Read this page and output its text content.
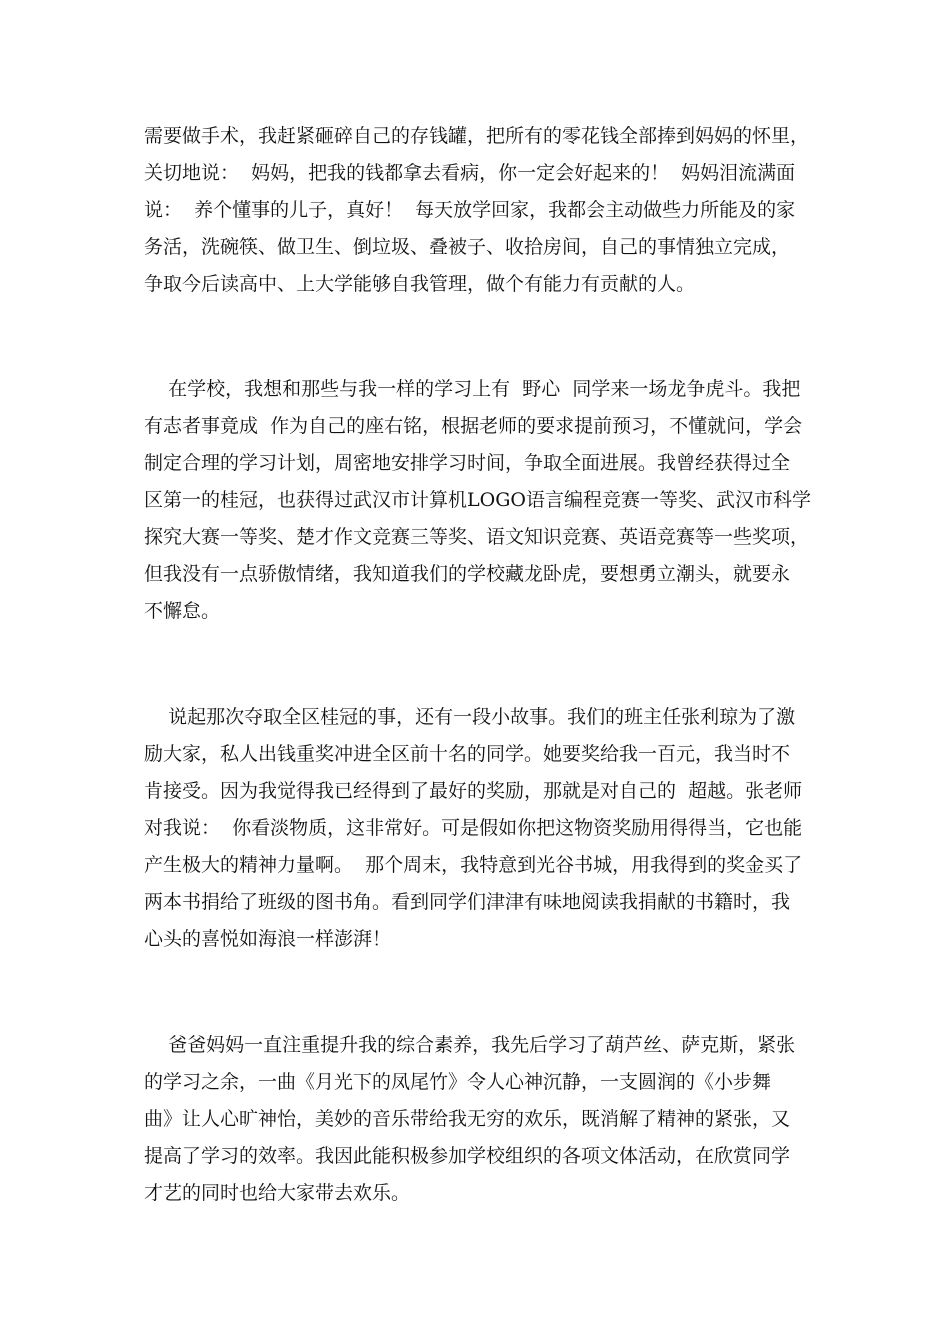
需要做手术，我赶紧砸碎自己的存钱罐，把所有的零花钱全部捧到妈妈的怀里，
关切地说：  妈妈，把我的钱都拿去看病，你一定会好起来的！  妈妈泪流满面
说：  养个懂事的儿子，真好！  每天放学回家，我都会主动做些力所能及的家
务活，洗碗筷、做卫生、倒垃圾、叠被子、收拾房间，自己的事情独立完成，
争取今后读高中、上大学能够自我管理，做个有能力有贡献的人。
在学校，我想和那些与我一样的学习上有  野心  同学来一场龙争虎斗。我把
有志者事竟成  作为自己的座右铭，根据老师的要求提前预习，不懂就问，学会
制定合理的学习计划，周密地安排学习时间，争取全面进展。我曾经获得过全
区第一的桂冠，也获得过武汉市计算机LOGO语言编程竞赛一等奖、武汉市科学
探究大赛一等奖、楚才作文竞赛三等奖、语文知识竞赛、英语竞赛等一些奖项，
但我没有一点骄傲情绪，我知道我们的学校藏龙卧虎，要想勇立潮头，就要永
不懈怠。
说起那次夺取全区桂冠的事，还有一段小故事。我们的班主任张利琼为了激
励大家，私人出钱重奖冲进全区前十名的同学。她要奖给我一百元，我当时不
肯接受。因为我觉得我已经得到了最好的奖励，那就是对自己的  超越。张老师
对我说：  你看淡物质，这非常好。可是假如你把这物资奖励用得得当，它也能
产生极大的精神力量啊。  那个周末，我特意到光谷书城，用我得到的奖金买了
两本书捐给了班级的图书角。看到同学们津津有味地阅读我捐献的书籍时，我
心头的喜悦如海浪一样澎湃！
爸爸妈妈一直注重提升我的综合素养，我先后学习了葫芦丝、萨克斯，紧张
的学习之余，一曲《月光下的凤尾竹》令人心神沉静，一支圆润的《小步舞
曲》让人心旷神怡，美妙的音乐带给我无穷的欢乐，既消解了精神的紧张，又
提高了学习的效率。我因此能积极参加学校组织的各项文体活动，在欣赏同学
才艺的同时也给大家带去欢乐。
